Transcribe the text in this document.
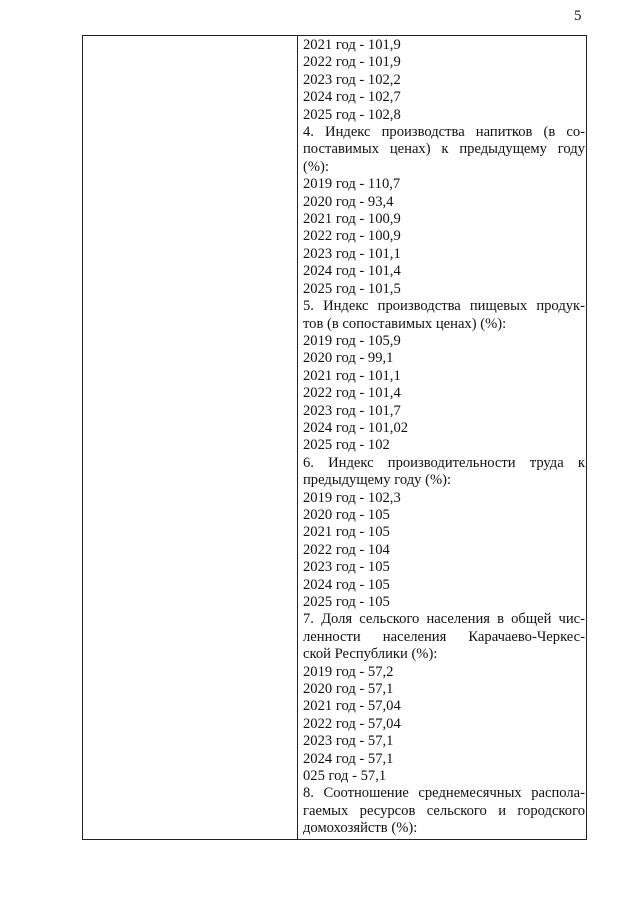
5
2021 год - 101,9
2022 год - 101,9
2023 год - 102,2
2024 год - 102,7
2025 год - 102,8
4. Индекс производства напитков (в со-
поставимых ценах) к предыдущему году
(%):
2019 год - 110,7
2020 год - 93,4
2021 год - 100,9
2022 год - 100,9
2023 год - 101,1
2024 год - 101,4
2025 год - 101,5
5. Индекс производства пищевых продук-
тов (в сопоставимых ценах) (%):
2019 год - 105,9
2020 год - 99,1
2021 год - 101,1
2022 год - 101,4
2023 год - 101,7
2024 год - 101,02
2025 год - 102
6. Индекс производительности труда к
предыдущему году (%):
2019 год - 102,3
2020 год - 105
2021 год - 105
2022 год - 104
2023 год - 105
2024 год - 105
2025 год - 105
7. Доля сельского населения в общей чис-
ленности населения Карачаево-Черкес-
ской Республики (%):
2019 год - 57,2
2020 год - 57,1
2021 год - 57,04
2022 год - 57,04
2023 год - 57,1
2024 год - 57,1
025 год - 57,1
8. Соотношение среднемесячных распола-
гаемых ресурсов сельского и городского
домохозяйств (%):
